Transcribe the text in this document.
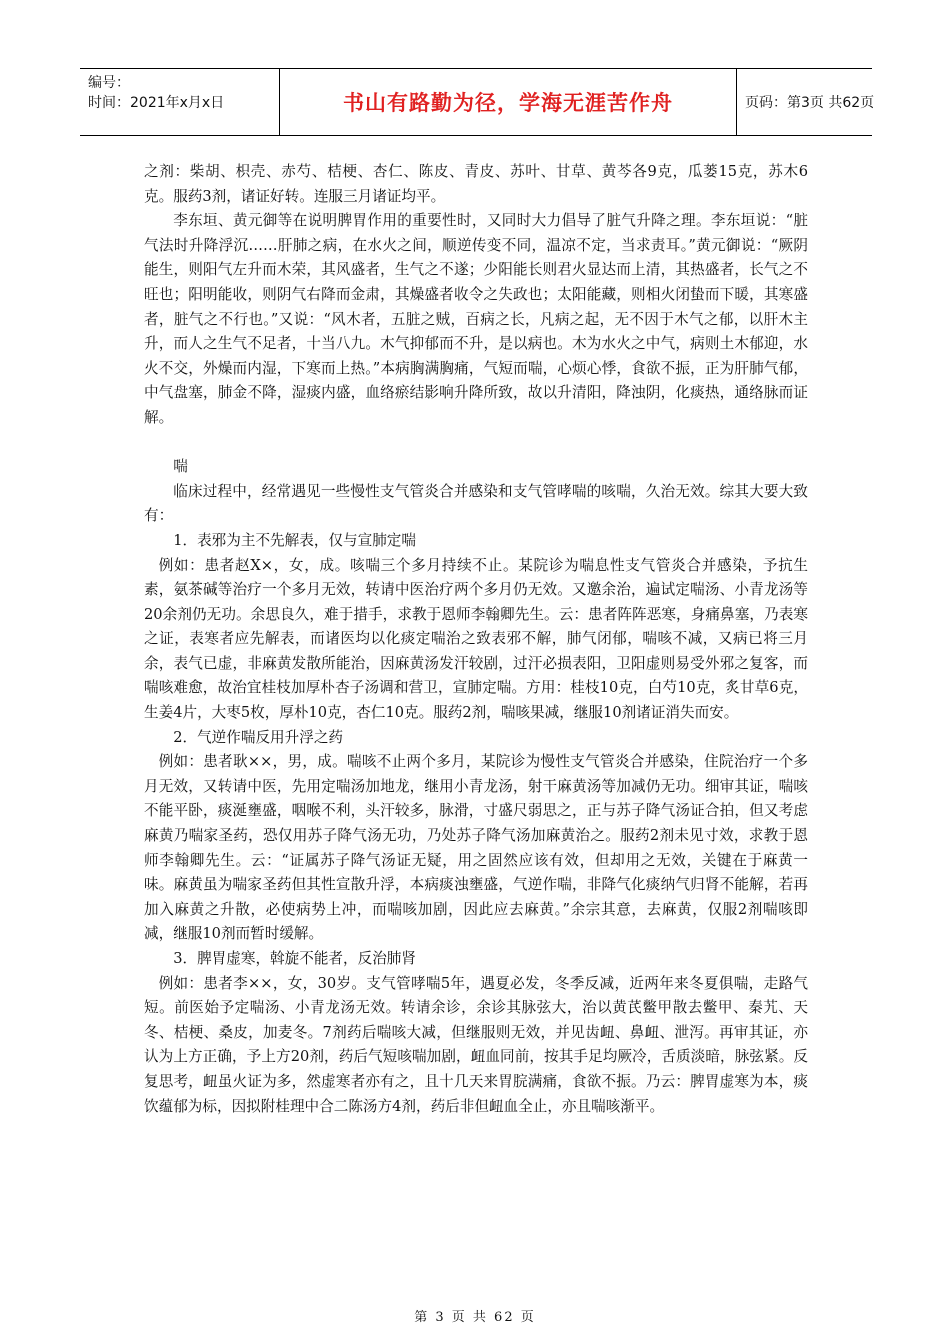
编号：
时间：2021年x月x日	书山有路勤为径，学海无涯苦作舟	页码：第3页 共62页

之剂：柴胡、枳壳、赤芍、桔梗、杏仁、陈皮、青皮、苏叶、甘草、黄芩各9克，瓜蒌15克，苏木6克。服药3剂，诸证好转。连服三月诸证均平。

李东垣、黄元御等在说明脾胃作用的重要性时，又同时大力倡导了脏气升降之理。李东垣说：“脏气法时升降浮沉……肝肺之病，在水火之间，顺逆传变不同，温凉不定，当求责耳。”黄元御说：“厥阴能生，则阳气左升而木荣，其风盛者，生气之不遂；少阳能长则君火显达而上清，其热盛者，长气之不旺也；阳明能收，则阴气右降而金肃，其燥盛者收令之失政也；太阳能藏，则相火闭蛰而下暖，其寒盛者，脏气之不行也。”又说：“风木者，五脏之贼，百病之长，凡病之起，无不因于木气之郁，以肝木主升，而人之生气不足者，十当八九。木气抑郁而不升，是以病也。木为水火之中气，病则土木郁迎，水火不交，外燥而内湿，下寒而上热。”本病胸满胸痛，气短而喘，心烦心悸，食欲不振，正为肝肺气郁，中气盘塞，肺金不降，湿痰内盛，血络瘀结影响升降所致，故以升清阳，降浊阴，化痰热，通络脉而证解。

喘

临床过程中，经常遇见一些慢性支气管炎合并感染和支气管哮喘的咳喘，久治无效。综其大要大致有：

1．表邪为主不先解表，仅与宣肺定喘

例如：患者赵X×，女，成。咳喘三个多月持续不止。某院诊为喘息性支气管炎合并感染，予抗生素，氨茶碱等治疗一个多月无效，转请中医治疗两个多月仍无效。又邀余治，遍试定喘汤、小青龙汤等20余剂仍无功。余思良久，难于措手，求教于恩师李翰卿先生。云：患者阵阵恶寒，身痛鼻塞，乃表寒之证，表寒者应先解表，而诸医均以化痰定喘治之致表邪不解，肺气闭郁，喘咳不减，又病已将三月余，表气已虚，非麻黄发散所能治，因麻黄汤发汗较剧，过汗必损表阳，卫阳虚则易受外邪之复客，而喘咳难愈，故治宜桂枝加厚朴杏子汤调和营卫，宣肺定喘。方用：桂枝10克，白芍10克，炙甘草6克，生姜4片，大枣5枚，厚朴10克，杏仁10克。服药2剂，喘咳果减，继服10剂诸证消失而安。

2．气逆作喘反用升浮之药

例如：患者耿××，男，成。喘咳不止两个多月，某院诊为慢性支气管炎合并感染，住院治疗一个多月无效，又转请中医，先用定喘汤加地龙，继用小青龙汤，射干麻黄汤等加减仍无功。细审其证，喘咳不能平卧，痰涎壅盛，咽喉不利，头汗较多，脉滑，寸盛尺弱思之，正与苏子降气汤证合拍，但又考虑麻黄乃喘家圣药，恐仅用苏子降气汤无功，乃处苏子降气汤加麻黄治之。服药2剂未见寸效，求教于恩师李翰卿先生。云：“证属苏子降气汤证无疑，用之固然应该有效，但却用之无效，关键在于麻黄一味。麻黄虽为喘家圣药但其性宣散升浮，本病痰浊壅盛，气逆作喘，非降气化痰纳气归肾不能解，若再加入麻黄之升散，必使病势上冲，而喘咳加剧，因此应去麻黄。”余宗其意，去麻黄，仅服2剂喘咳即减，继服10剂而暂时缓解。

3．脾胃虚寒，斡旋不能者，反治肺肾

例如：患者李××，女，30岁。支气管哮喘5年，遇夏必发，冬季反减，近两年来冬夏俱喘，走路气短。前医始予定喘汤、小青龙汤无效。转请余诊，余诊其脉弦大，治以黄芪鳖甲散去鳖甲、秦艽、天冬、桔梗、桑皮，加麦冬。7剂药后喘咳大减，但继服则无效，并见齿衄、鼻衄、泄泻。再审其证，亦认为上方正确，予上方20剂，药后气短咳喘加剧，衄血同前，按其手足均厥冷，舌质淡暗，脉弦紧。反复思考，衄虽火证为多，然虚寒者亦有之，且十几天来胃脘满痛，食欲不振。乃云：脾胃虚寒为本，痰饮蕴郁为标，因拟附桂理中合二陈汤方4剂，药后非但衄血全止，亦且喘咳渐平。

第 3 页 共 62 页
